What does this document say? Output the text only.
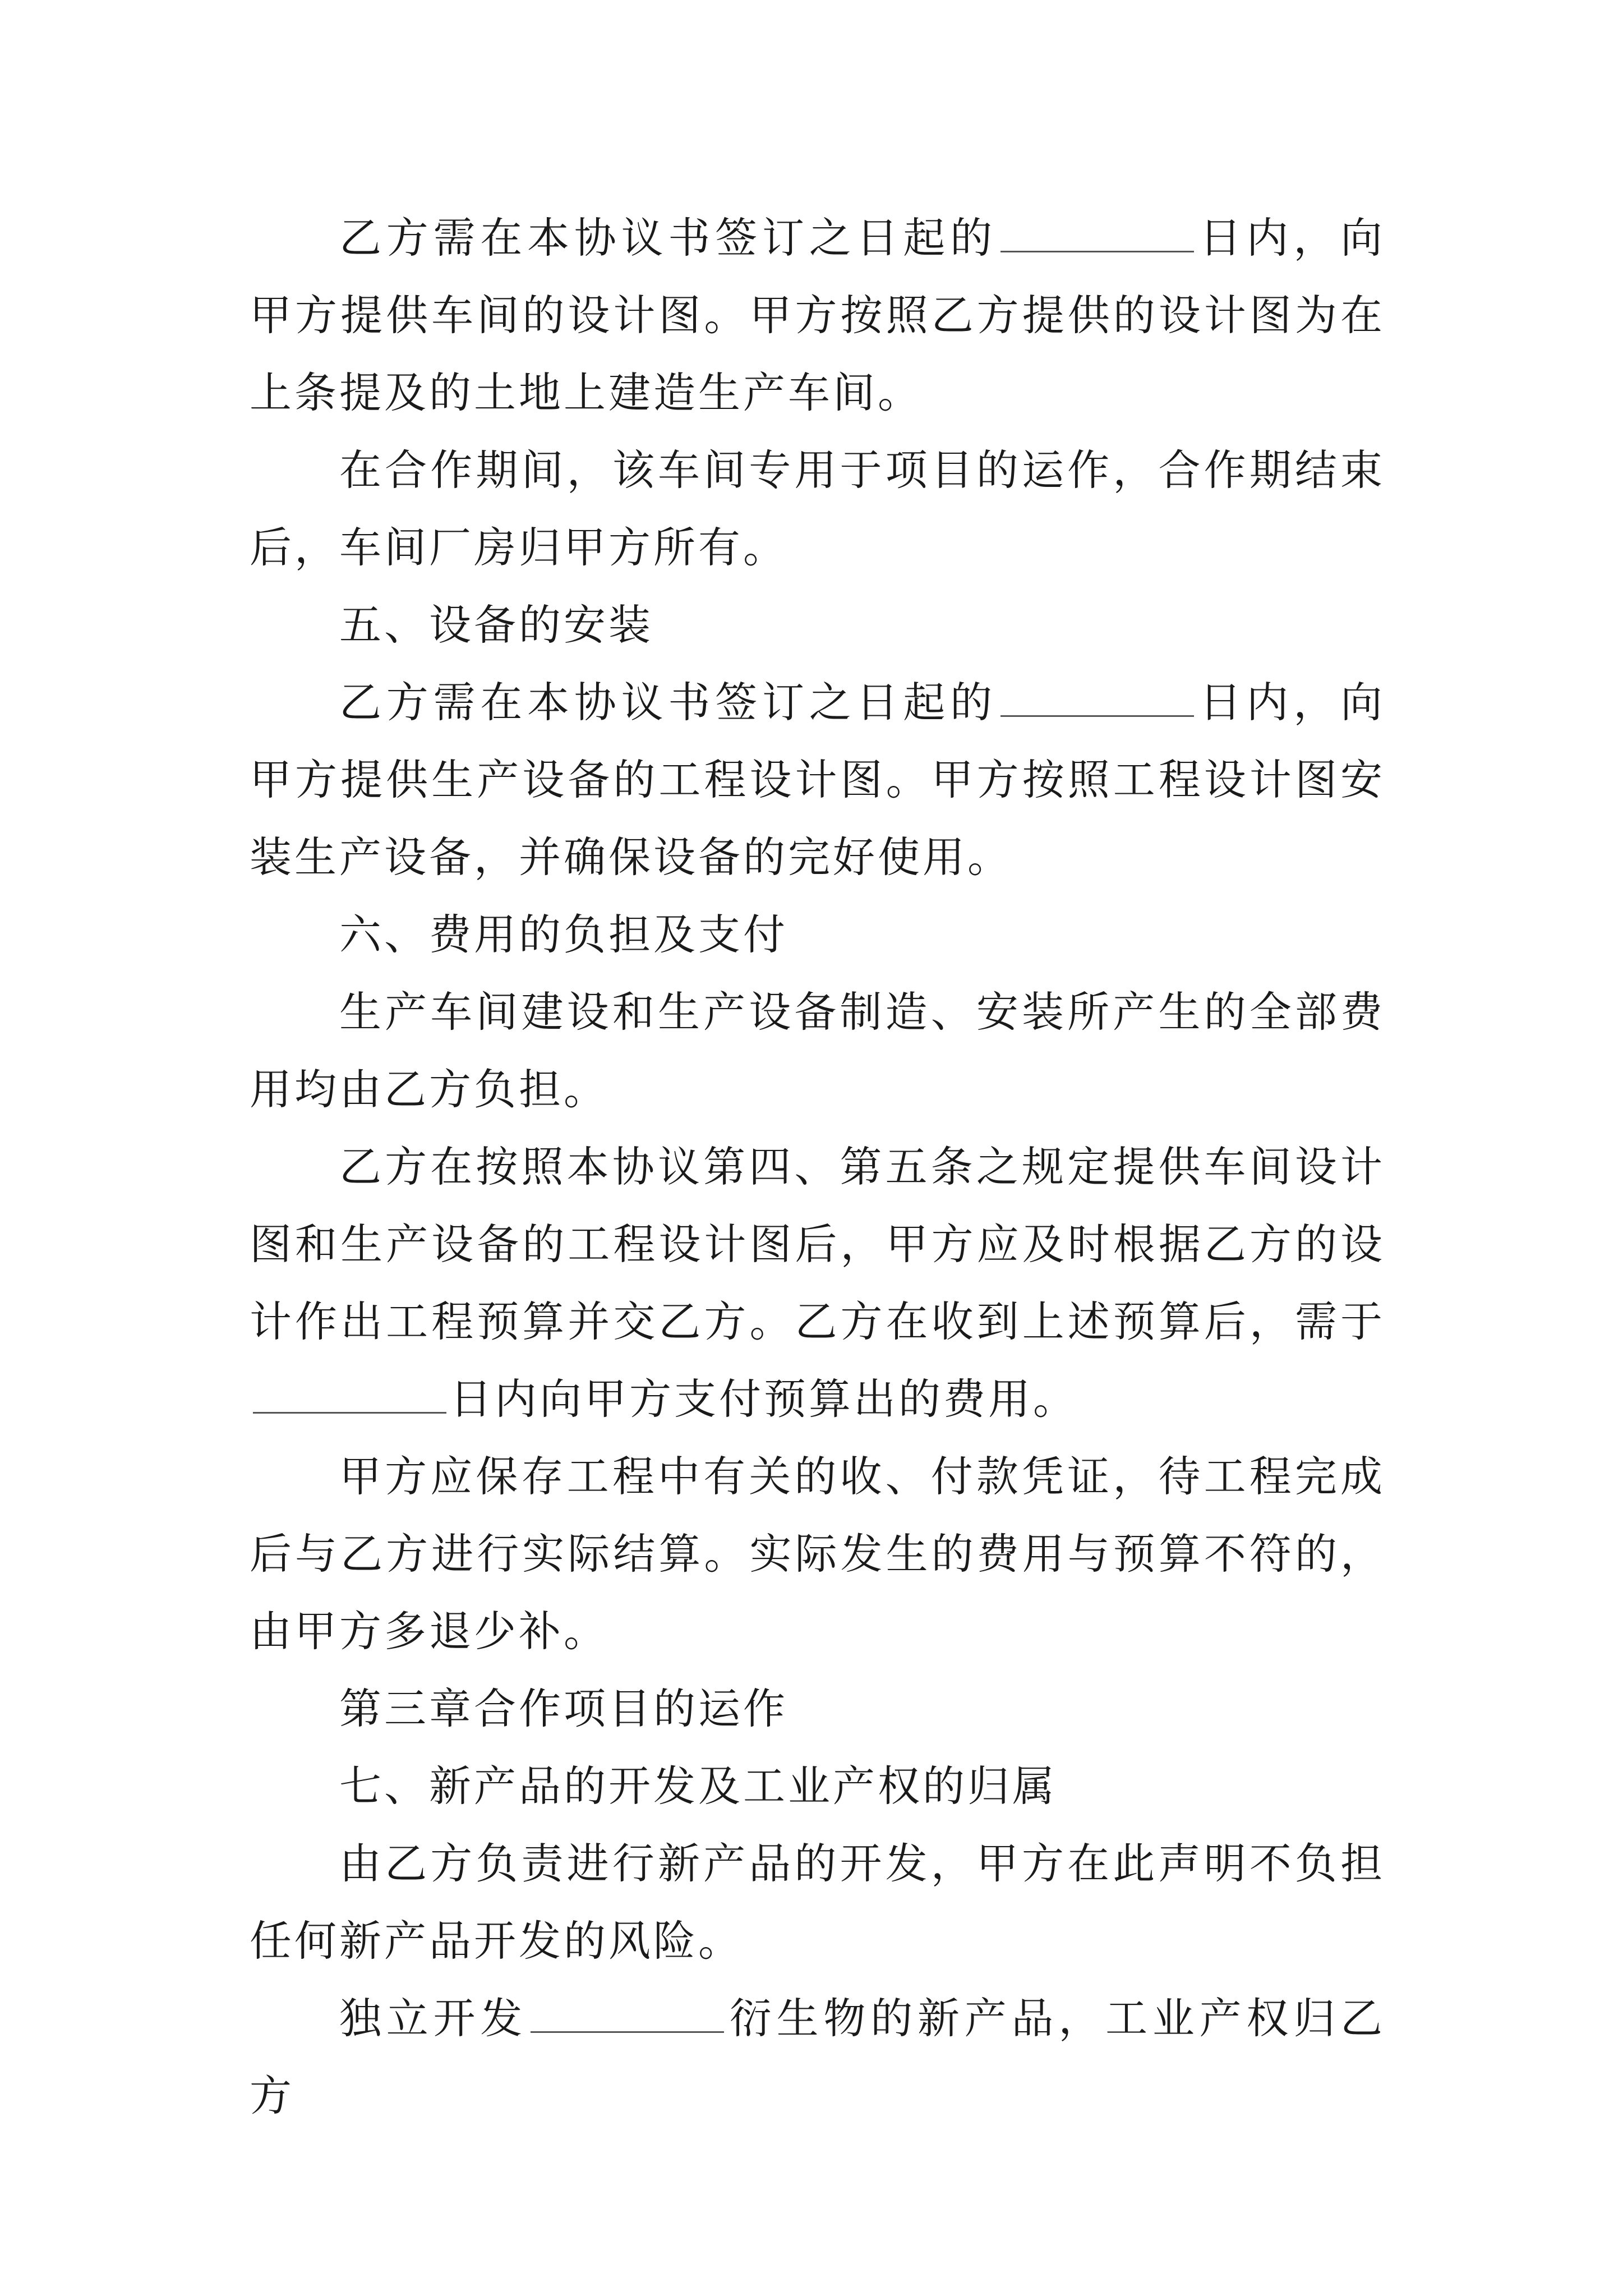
乙方需在本协议书签订之日起的	日内，向甲方提供车间的设计图。甲方按照乙方提供的设计图为在上条提及的土地上建造生产车间。

在合作期间，该车间专用于项目的运作，合作期结束后，车间厂房归甲方所有。

五、设备的安装

乙方需在本协议书签订之日起的	日内，向甲方提供生产设备的工程设计图。甲方按照工程设计图安装生产设备，并确保设备的完好使用。

六、费用的负担及支付

生产车间建设和生产设备制造、安装所产生的全部费用均由乙方负担。

乙方在按照本协议第四、第五条之规定提供车间设计图和生产设备的工程设计图后，甲方应及时根据乙方的设计作出工程预算并交乙方。乙方在收到上述预算后，需于日内向甲方支付预算出的费用。

甲方应保存工程中有关的收、付款凭证，待工程完成后与乙方进行实际结算。实际发生的费用与预算不符的，由甲方多退少补。

第三章合作项目的运作

七、新产品的开发及工业产权的归属

由乙方负责进行新产品的开发，甲方在此声明不负担任何新产品开发的风险。

独立开发	衍生物的新产品，工业产权归乙方
